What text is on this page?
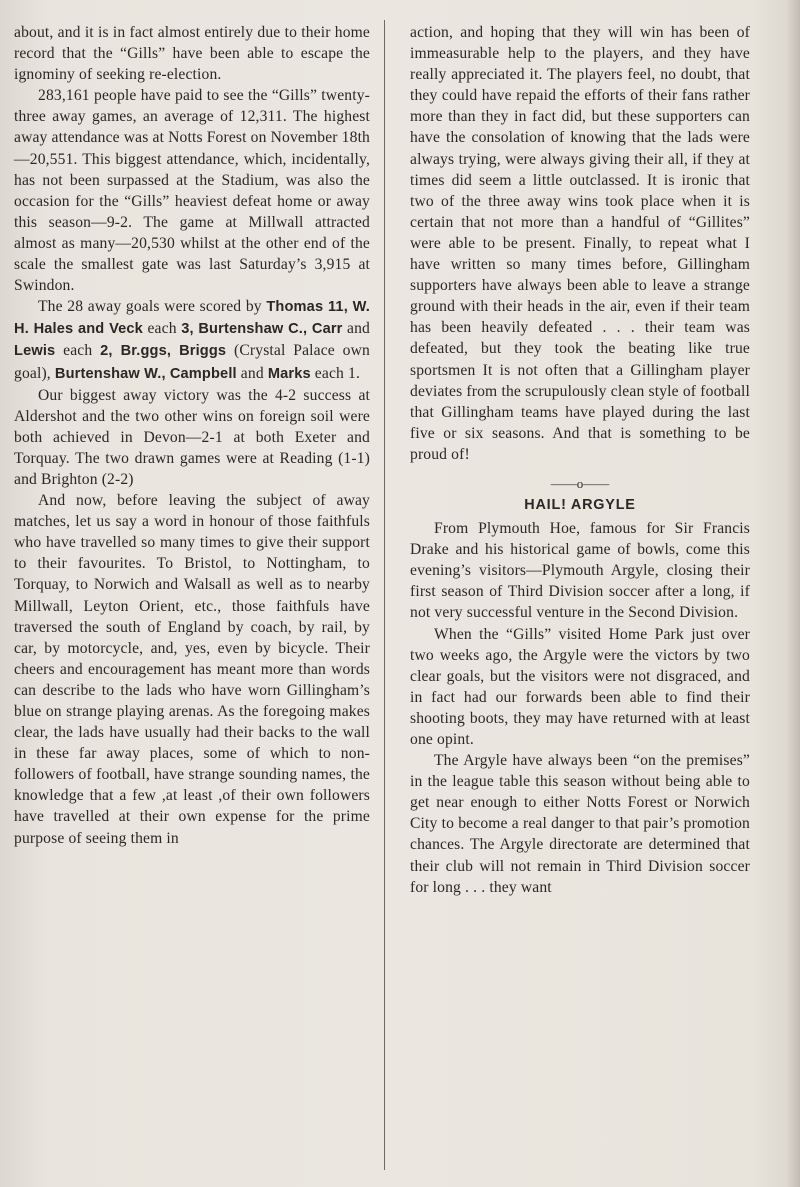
about, and it is in fact almost entirely due to their home record that the “Gills” have been able to escape the ignominy of seeking re-election.

283,161 people have paid to see the “Gills” twenty-three away games, an average of 12,311. The highest away attendance was at Notts Forest on November 18th—20,551. This biggest attendance, which, incidentally, has not been surpassed at the Stadium, was also the occasion for the “Gills” heaviest defeat home or away this season—9-2. The game at Millwall attracted almost as many—20,530 whilst at the other end of the scale the smallest gate was last Saturday’s 3,915 at Swindon.

The 28 away goals were scored by Thomas 11, W. H. Hales and Veck each 3, Burtenshaw C., Carr and Lewis each 2, Br.ggs, Briggs (Crystal Palace own goal), Burtenshaw W., Campbell and Marks each 1.

Our biggest away victory was the 4-2 success at Aldershot and the two other wins on foreign soil were both achieved in Devon—2-1 at both Exeter and Torquay. The two drawn games were at Reading (1-1) and Brighton (2-2)

And now, before leaving the subject of away matches, let us say a word in honour of those faithfuls who have travelled so many times to give their support to their favourites. To Bristol, to Nottingham, to Torquay, to Norwich and Walsall as well as to nearby Millwall, Leyton Orient, etc., those faithfuls have traversed the south of England by coach, by rail, by car, by motorcycle, and, yes, even by bicycle. Their cheers and encouragement has meant more than words can describe to the lads who have worn Gillingham’s blue on strange playing arenas. As the foregoing makes clear, the lads have usually had their backs to the wall in these far away places, some of which to non-followers of football, have strange sounding names, the knowledge that a few ,at least ,of their own followers have travelled at their own expense for the prime purpose of seeing them in

action, and hoping that they will win has been of immeasurable help to the players, and they have really appreciated it. The players feel, no doubt, that they could have repaid the efforts of their fans rather more than they in fact did, but these supporters can have the consolation of knowing that the lads were always trying, were always giving their all, if they at times did seem a little outclassed. It is ironic that two of the three away wins took place when it is certain that not more than a handful of “Gillites” were able to be present. Finally, to repeat what I have written so many times before, Gillingham supporters have always been able to leave a strange ground with their heads in the air, even if their team has been heavily defeated . . . their team was defeated, but they took the beating like true sportsmen It is not often that a Gillingham player deviates from the scrupulously clean style of football that Gillingham teams have played during the last five or six seasons. And that is something to be proud of!

——o——

HAIL! ARGYLE

From Plymouth Hoe, famous for Sir Francis Drake and his historical game of bowls, come this evening’s visitors—Plymouth Argyle, closing their first season of Third Division soccer after a long, if not very successful venture in the Second Division.

When the “Gills” visited Home Park just over two weeks ago, the Argyle were the victors by two clear goals, but the visitors were not disgraced, and in fact had our forwards been able to find their shooting boots, they may have returned with at least one opint.

The Argyle have always been “on the premises” in the league table this season without being able to get near enough to either Notts Forest or Norwich City to become a real danger to that pair’s promotion chances. The Argyle directorate are determined that their club will not remain in Third Division soccer for long . . . they want
